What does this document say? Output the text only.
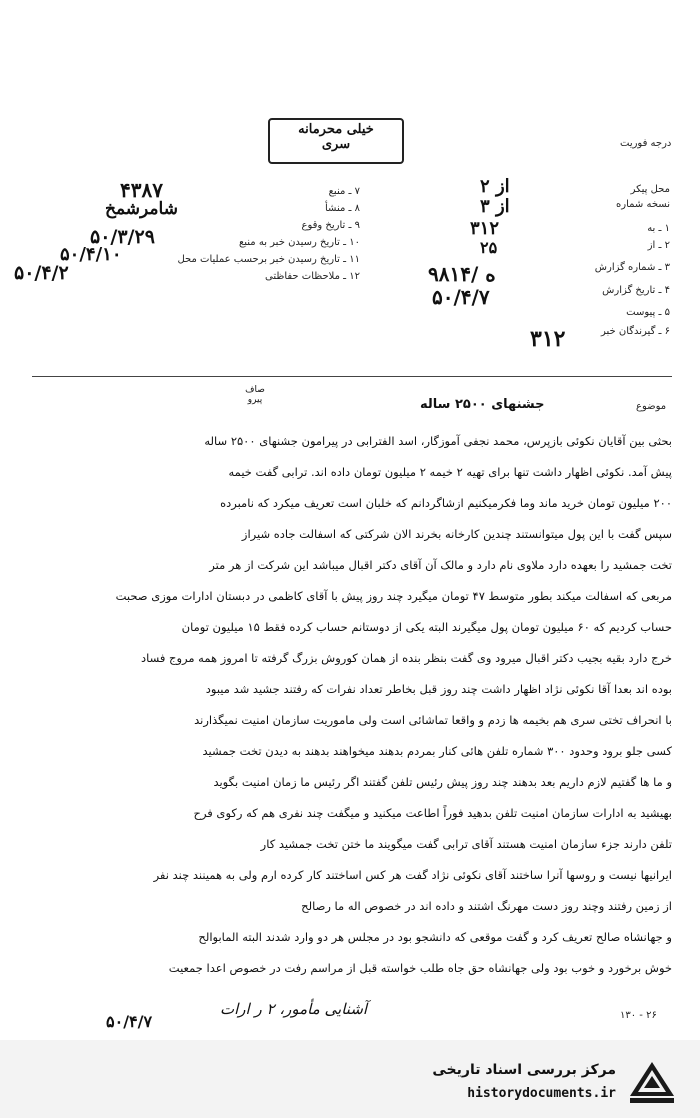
درجه فوریت
خیلی محرمانه
سری
محل پیکر
نسخه شماره
۱ ـ به
۲ ـ از
۳ ـ شماره گزارش
۴ ـ تاریخ گزارش
۵ ـ پیوست
۶ ـ گیرندگان خبر
از ۲
از ۳
۳۱۲
۲۵
۹۸۱۴/ ه
۵۰/۴/۷
۳۱۲
۷ ـ منبع
۸ ـ منشأ
۹ ـ تاریخ وقوع
۱۰ ـ تاریخ رسیدن خبر به منبع
۱۱ ـ تاریخ رسیدن خبر برحسب عملیات محل
۱۲ ـ ملاحظات حفاظتی
۴۳۸۷
شامرشمخ
۵۰/۳/۲۹
۵۰/۴/۱۰
۵۰/۴/۲
موضوع
صاف
پیرو	جشنهای ۲۵۰۰ ساله
بحثی بین آقایان نکوئی بازپرس، محمد نجفی آموزگار، اسد الفترابی در پیرامون جشنهای ۲۵۰۰ ساله
پیش آمد. نکوئی اظهار داشت تنها برای تهیه ۲ خیمه ۲ میلیون تومان داده اند. ترابی گفت خیمه
۲۰۰ میلیون تومان خرید ماند وما فکرمیکنیم ازشاگردانم که خلبان است تعریف میکرد که نامبرده
سپس گفت با این پول میتوانستند چندین کارخانه بخرند الان شرکتی که اسفالت جاده شیراز
تخت جمشید را بعهده دارد ملاوی نام دارد و مالک آن آقای دکتر اقبال میباشد این شرکت از هر متر
مربعی که اسفالت میکند بطور متوسط ۴۷ تومان میگیرد چند روز پیش با آقای کاظمی در دبستان ادارات موزی صحبت
حساب کردیم که ۶۰ میلیون تومان پول میگیرند البته یکی از دوستانم حساب کرده فقط ۱۵ میلیون تومان
خرج دارد بقیه بجیب دکتر اقبال میرود وی گفت بنظر بنده از همان کوروش بزرگ گرفته تا امروز همه مروج فساد
بوده اند بعدا آقا نکوئی نژاد اظهار داشت چند روز قبل بخاطر تعداد نفرات که رفتند جشید شد میبود
با انحراف تختی سری هم بخیمه ها زدم و واقعا تماشائی است ولی ماموریت سازمان امنیت نمیگذارند
کسی جلو برود وحدود ۳۰۰ شماره تلفن هائی کنار بمردم بدهند میخواهند بدهند به دیدن تخت جمشید
و ما ها گفتیم لازم داریم بعد بدهند چند روز پیش رئیس تلفن گفتند اگر رئیس ما زمان امنیت بگوید
بهیشید به ادارات سازمان امنیت تلفن بدهید فوراً اطاعت میکنید و میگفت چند نفری هم که رکوی فرح
تلفن دارند جزء سازمان امنیت هستند آقای ترابی گفت میگویند ما ختن تخت جمشید کار
ایرانیها نیست و روسها آنرا ساختند آقای نکوئی نژاد گفت هر کس اساختند کار کرده ارم ولی به همینند چند نفر
از زمین رفتند وچند روز دست مهرنگ اشتند و داده اند در خصوص اله ما رصالح
و جهانشاه صالح تعریف کرد و گفت موقعی که دانشجو بود در مجلس هر دو وارد شدند البته المابوالح
خوش برخورد و خوب بود ولی جهانشاه حق جاه طلب خواسته قبل از مراسم رفت در خصوص اعدا جمعیت
آشنایی مأمور، ۲ ر ارات
۵۰/۴/۷	۱۳۰ - ۲۶
مرکز بررسی اسناد تاریخی
historydocuments.ir
